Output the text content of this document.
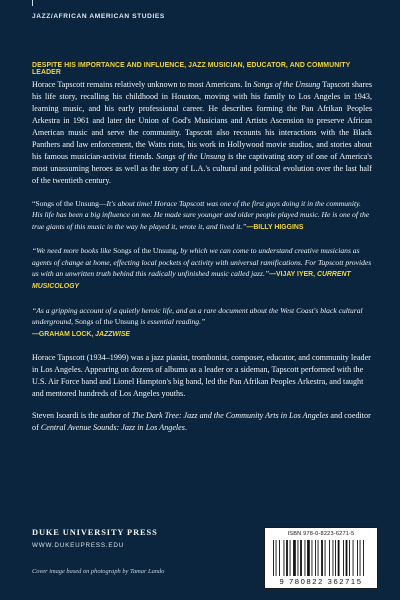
JAZZ/AFRICAN AMERICAN STUDIES
DESPITE HIS IMPORTANCE AND INFLUENCE, JAZZ MUSICIAN, EDUCATOR, AND COMMUNITY LEADER

Horace Tapscott remains relatively unknown to most Americans. In Songs of the Unsung Tapscott shares his life story, recalling his childhood in Houston, moving with his family to Los Angeles in 1943, learning music, and his early professional career. He describes forming the Pan Afrikan Peoples Arkestra in 1961 and later the Union of God's Musicians and Artists Ascension to preserve African American music and serve the community. Tapscott also recounts his interactions with the Black Panthers and law enforcement, the Watts riots, his work in Hollywood movie studios, and stories about his famous musician-activist friends. Songs of the Unsung is the captivating story of one of America's most unassuming heroes as well as the story of L.A.'s cultural and political evolution over the last half of the twentieth century.

“Songs of the Unsung—It's about time! Horace Tapscott was one of the first guys doing it in the community. His life has been a big influence on me. He made sure younger and older people played music. He is one of the true giants of this music in the way he played it, wrote it, and lived it.”—BILLY HIGGINS

“We need more books like Songs of the Unsung, by which we can come to understand creative musicians as agents of change at home, effecting local pockets of activity with universal ramifications. For Tapscott provides us with an unwritten truth behind this radically unfinished music called jazz.”—VIJAY IYER, CURRENT MUSICOLOGY

“As a gripping account of a quietly heroic life, and as a rare document about the West Coast's black cultural underground, Songs of the Unsung is essential reading.”
—GRAHAM LOCK, JAZZWISE

Horace Tapscott (1934–1999) was a jazz pianist, trombonist, composer, educator, and community leader in Los Angeles. Appearing on dozens of albums as a leader or a sideman, Tapscott performed with the U.S. Air Force band and Lionel Hampton's big band, led the Pan Afrikan Peoples Arkestra, and taught and mentored hundreds of Los Angeles youths.

Steven Isoardi is the author of The Dark Tree: Jazz and the Community Arts in Los Angeles and coeditor of Central Avenue Sounds: Jazz in Los Angeles.

DUKE UNIVERSITY PRESS
WWW.DUKEUPRESS.EDU
Cover image based on photograph by Tamar Lando
ISBN 978-0-8223-6271-5
9 780822 362715
